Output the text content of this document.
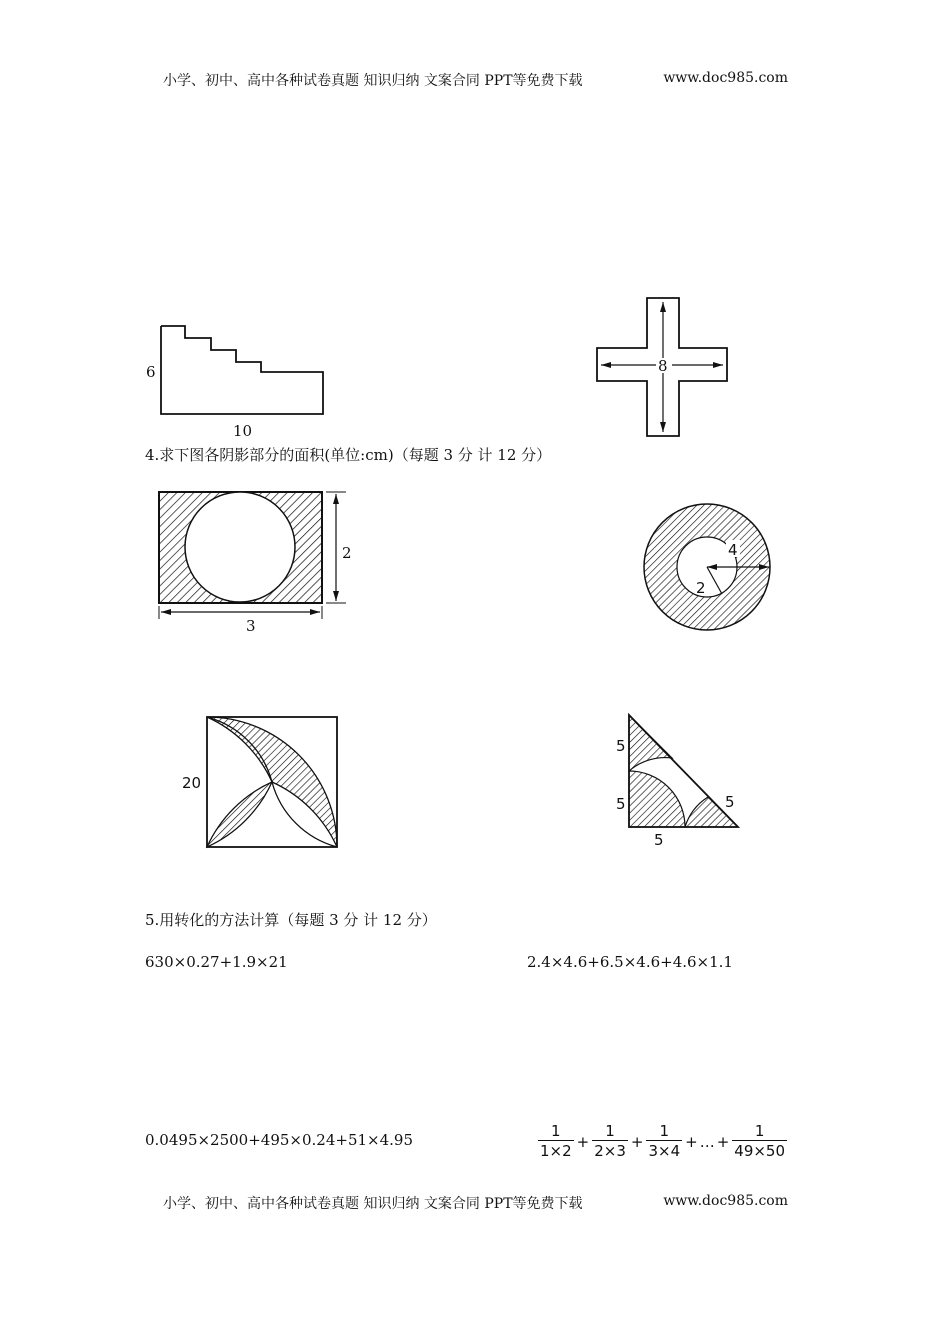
小学、初中、高中各种试卷真题 知识归纳 文案合同 PPT等免费下载	www.doc985.com
6
10
8
4.求下图各阴影部分的面积(单位:cm)（每题 3 分 计 12 分）
2
3
4
2
20
5
5	5
5
5.用转化的方法计算（每题 3 分 计 12 分）
630×0.27+1.9×21	2.4×4.6+6.5×4.6+4.6×1.1
0.0495×2500+495×0.24+51×4.95	$\frac{1}{1\times 2} + \frac{1}{2\times 3} + \frac{1}{3\times 4}$ + … + $\frac{1}{49\times 50}$
小学、初中、高中各种试卷真题 知识归纳 文案合同 PPT等免费下载	www.doc985.com
